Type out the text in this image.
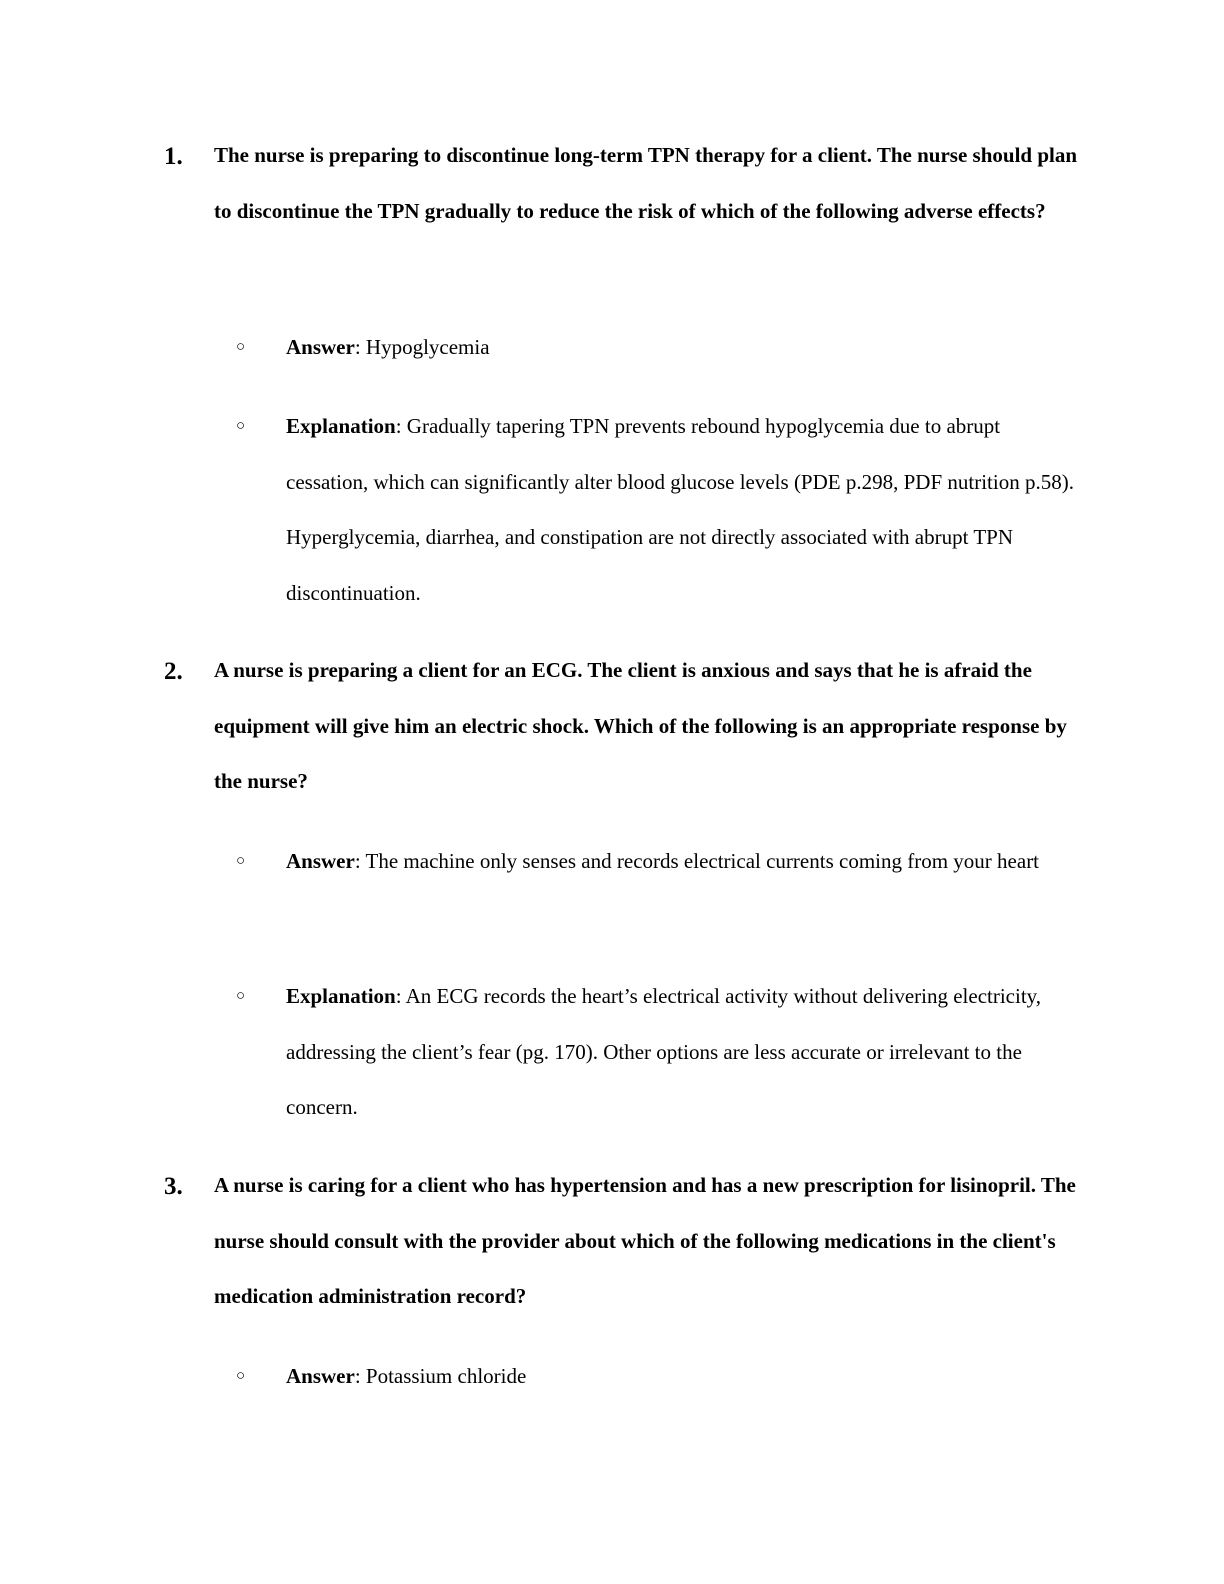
1. The nurse is preparing to discontinue long-term TPN therapy for a client. The nurse should plan to discontinue the TPN gradually to reduce the risk of which of the following adverse effects?

○ Answer: Hypoglycemia

○ Explanation: Gradually tapering TPN prevents rebound hypoglycemia due to abrupt cessation, which can significantly alter blood glucose levels (PDE p.298, PDF nutrition p.58). Hyperglycemia, diarrhea, and constipation are not directly associated with abrupt TPN discontinuation.

2. A nurse is preparing a client for an ECG. The client is anxious and says that he is afraid the equipment will give him an electric shock. Which of the following is an appropriate response by the nurse?

○ Answer: The machine only senses and records electrical currents coming from your heart

○ Explanation: An ECG records the heart’s electrical activity without delivering electricity, addressing the client’s fear (pg. 170). Other options are less accurate or irrelevant to the concern.

3. A nurse is caring for a client who has hypertension and has a new prescription for lisinopril. The nurse should consult with the provider about which of the following medications in the client's medication administration record?

○ Answer: Potassium chloride
